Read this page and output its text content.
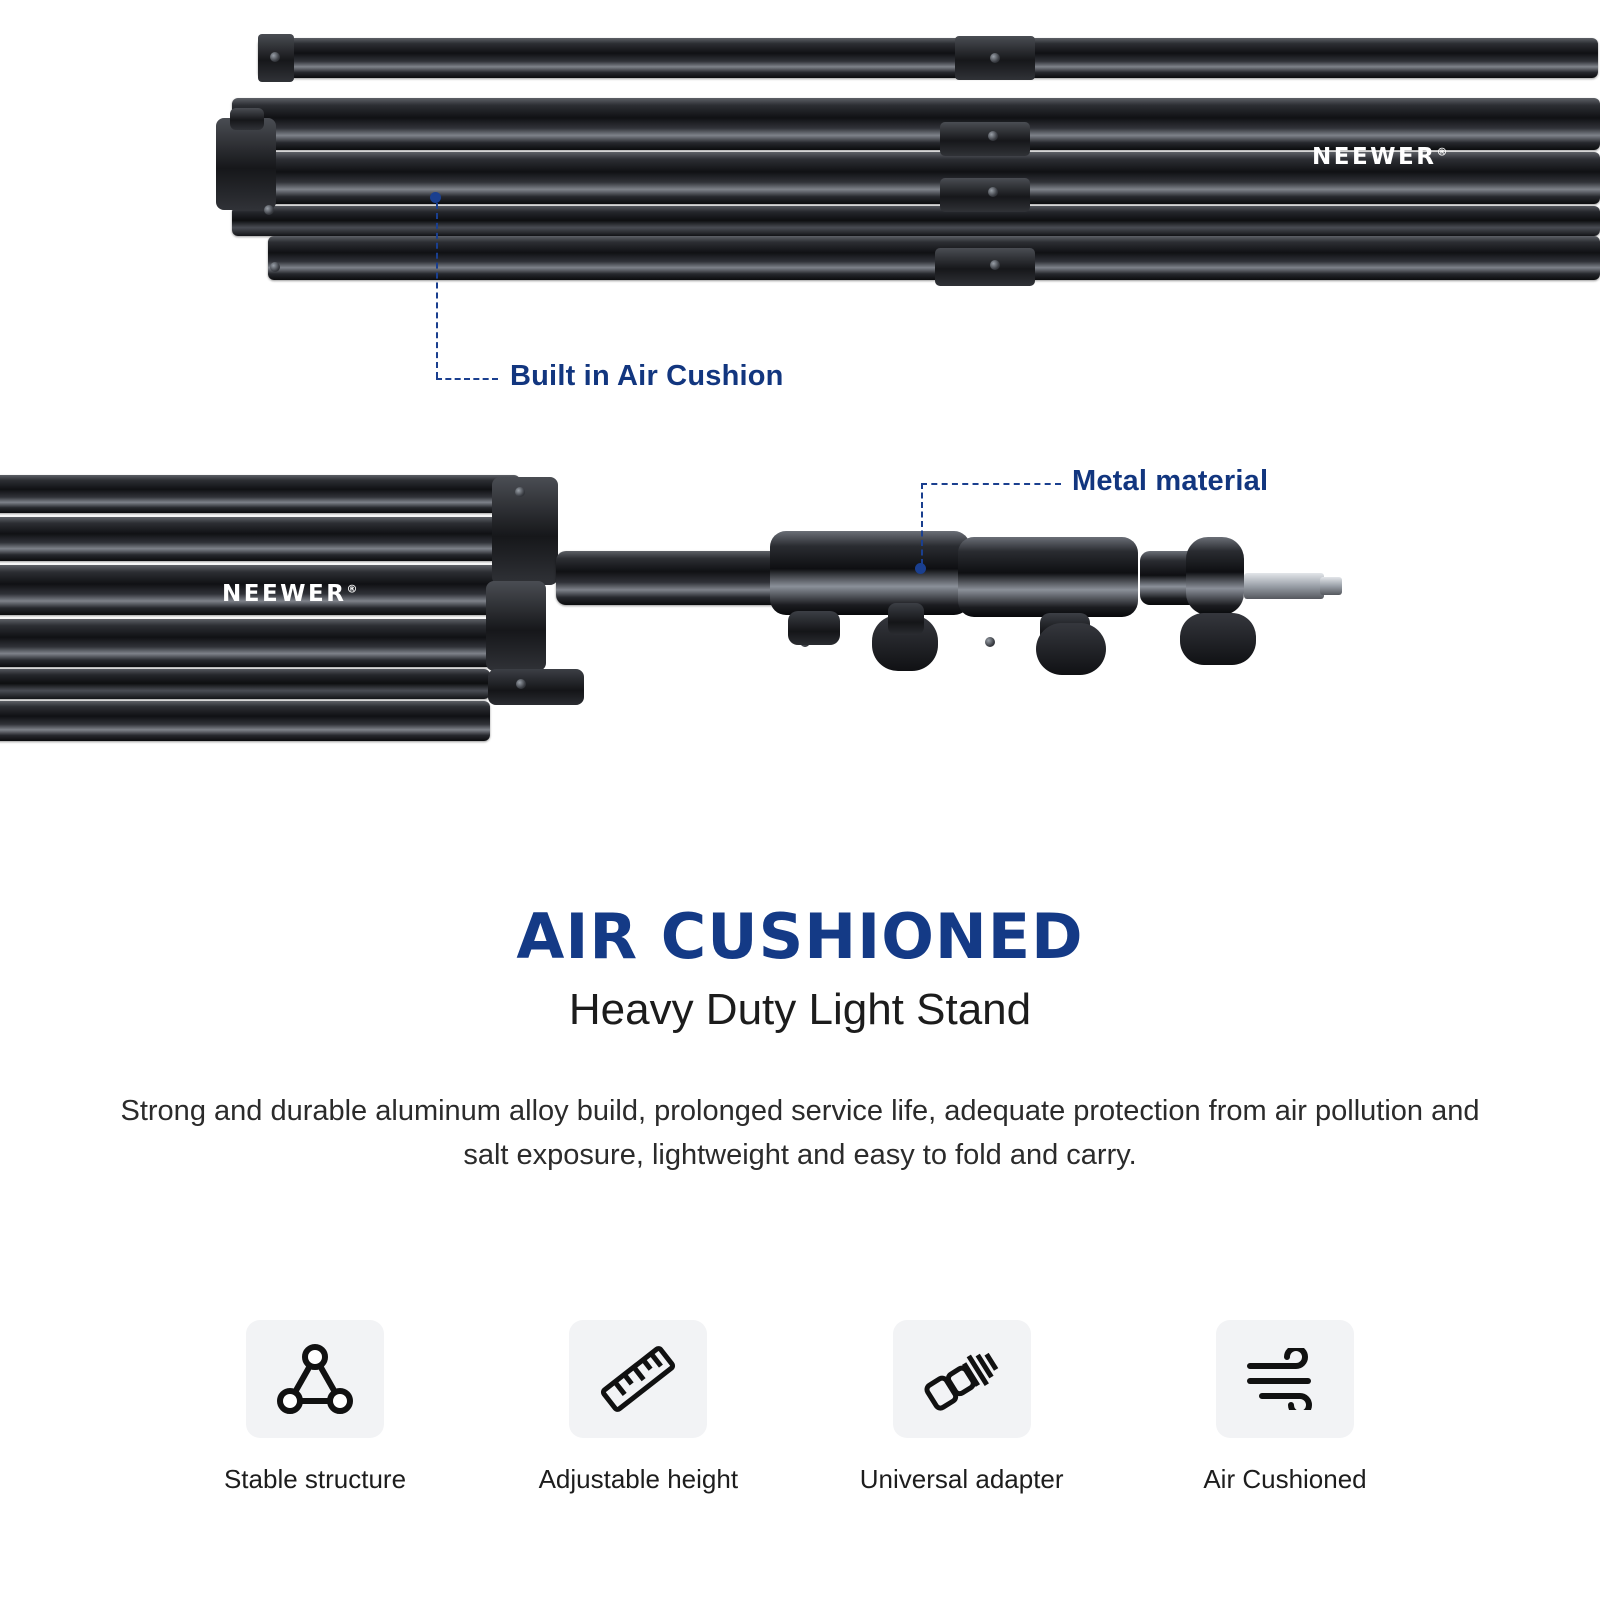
NEEWER®
Built in Air Cushion
NEEWER®
Metal material
AIR CUSHIONED
Heavy Duty Light Stand
Strong and durable aluminum alloy build, prolonged service life, adequate protection from air pollution and salt exposure, lightweight and easy to fold and carry.
Stable structure	Adjustable height	Universal adapter	Air Cushioned
